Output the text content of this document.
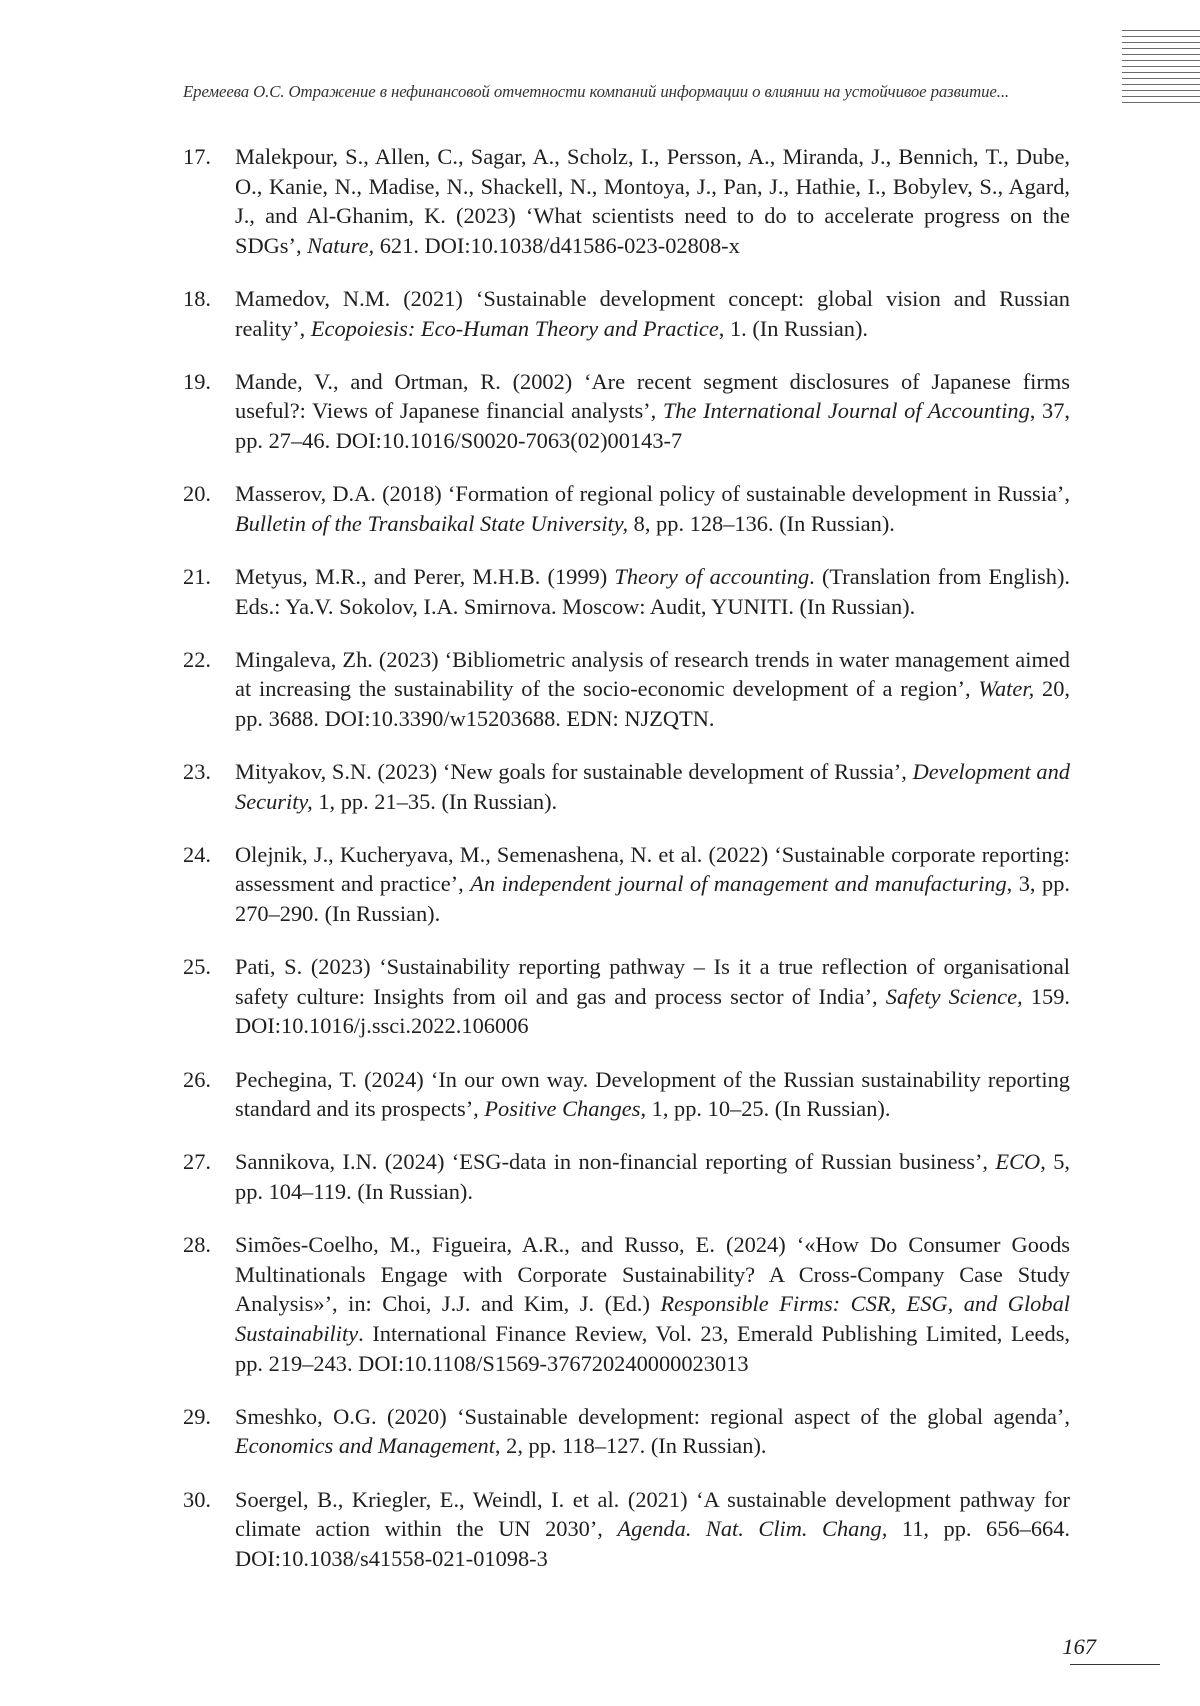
Еремеева О.С. Отражение в нефинансовой отчетности компаний информации о влиянии на устойчивое развитие...
17. Malekpour, S., Allen, C., Sagar, A., Scholz, I., Persson, A., Miranda, J., Bennich, T., Dube, O., Kanie, N., Madise, N., Shackell, N., Montoya, J., Pan, J., Hathie, I., Bobylev, S., Agard, J., and Al-Ghanim, K. (2023) ‘What scientists need to do to accelerate progress on the SDGs’, Nature, 621. DOI:10.1038/d41586-023-02808-x
18. Mamedov, N.M. (2021) ‘Sustainable development concept: global vision and Russian reality’, Ecopoiesis: Eco-Human Theory and Practice, 1. (In Russian).
19. Mande, V., and Ortman, R. (2002) ‘Are recent segment disclosures of Japanese firms useful?: Views of Japanese financial analysts’, The International Journal of Accounting, 37, pp. 27–46. DOI:10.1016/S0020-7063(02)00143-7
20. Masserov, D.A. (2018) ‘Formation of regional policy of sustainable development in Russia’, Bulletin of the Transbaikal State University, 8, pp. 128–136. (In Russian).
21. Metyus, M.R., and Perer, M.H.B. (1999) Theory of accounting. (Translation from English). Eds.: Ya.V. Sokolov, I.A. Smirnova. Moscow: Audit, YUNITI. (In Russian).
22. Mingaleva, Zh. (2023) ‘Bibliometric analysis of research trends in water management aimed at increasing the sustainability of the socio-economic development of a region’, Water, 20, pp. 3688. DOI:10.3390/w15203688. EDN: NJZQTN.
23. Mityakov, S.N. (2023) ‘New goals for sustainable development of Russia’, Development and Security, 1, pp. 21–35. (In Russian).
24. Olejnik, J., Kucheryava, M., Semenashena, N. et al. (2022) ‘Sustainable corporate reporting: assessment and practice’, An independent journal of management and manufacturing, 3, pp. 270–290. (In Russian).
25. Pati, S. (2023) ‘Sustainability reporting pathway – Is it a true reflection of organisational safety culture: Insights from oil and gas and process sector of India’, Safety Science, 159. DOI:10.1016/j.ssci.2022.106006
26. Pechegina, T. (2024) ‘In our own way. Development of the Russian sustainability reporting standard and its prospects’, Positive Changes, 1, pp. 10–25. (In Russian).
27. Sannikova, I.N. (2024) ‘ESG-data in non-financial reporting of Russian business’, ECO, 5, pp. 104–119. (In Russian).
28. Simões-Coelho, M., Figueira, A.R., and Russo, E. (2024) ‘«How Do Consumer Goods Multinationals Engage with Corporate Sustainability? A Cross-Company Case Study Analysis»’, in: Choi, J.J. and Kim, J. (Ed.) Responsible Firms: CSR, ESG, and Global Sustainability. International Finance Review, Vol. 23, Emerald Publishing Limited, Leeds, pp. 219–243. DOI:10.1108/S1569-376720240000023013
29. Smeshko, O.G. (2020) ‘Sustainable development: regional aspect of the global agenda’, Economics and Management, 2, pp. 118–127. (In Russian).
30. Soergel, B., Kriegler, E., Weindl, I. et al. (2021) ‘A sustainable development pathway for climate action within the UN 2030’, Agenda. Nat. Clim. Chang, 11, pp. 656–664. DOI:10.1038/s41558-021-01098-3
167
